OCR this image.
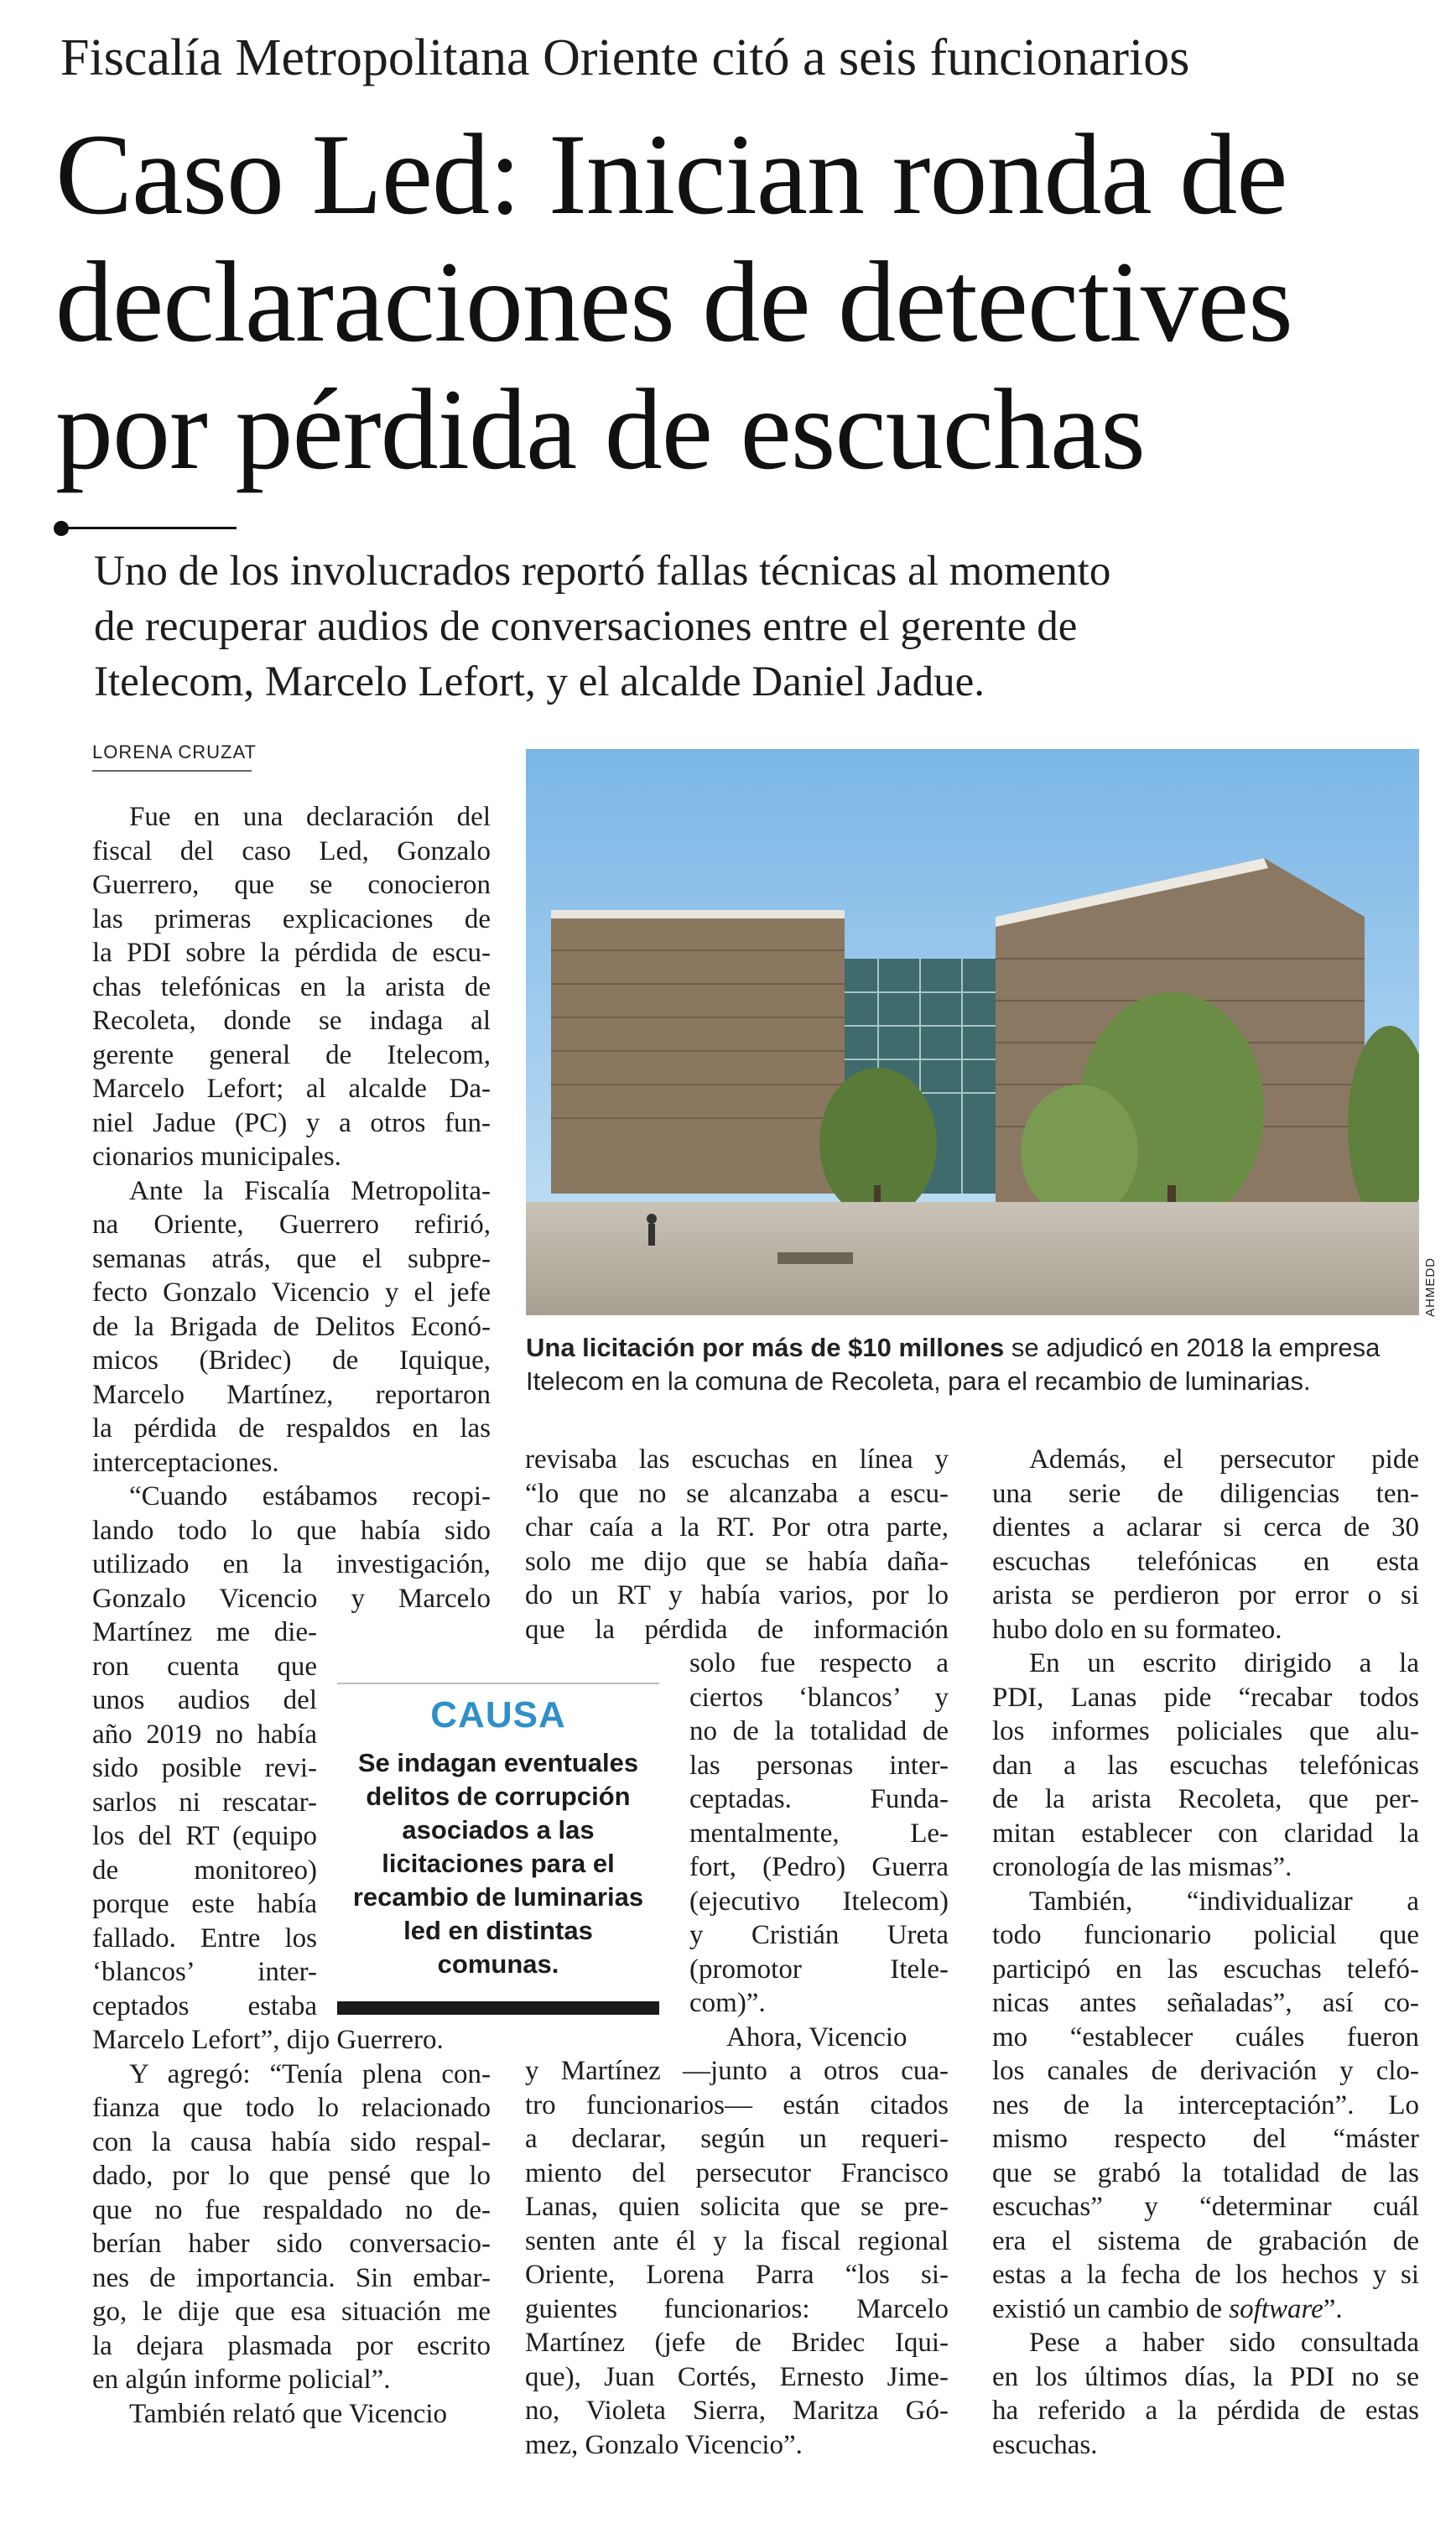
Fiscalía Metropolitana Oriente citó a seis funcionarios
Caso Led: Inician ronda de
declaraciones de detectives
por pérdida de escuchas
Uno de los involucrados reportó fallas técnicas al momento
de recuperar audios de conversaciones entre el gerente de
Itelecom, Marcelo Lefort, y el alcalde Daniel Jadue.
LORENA CRUZAT
AHMEDD
Una licitación por más de $10 millones se adjudicó en 2018 la empresa
Itelecom en la comuna de Recoleta, para el recambio de luminarias.
Fue en una declaración del
fiscal del caso Led, Gonzalo
Guerrero, que se conocieron
las primeras explicaciones de
la PDI sobre la pérdida de escu-
chas telefónicas en la arista de
Recoleta, donde se indaga al
gerente general de Itelecom,
Marcelo Lefort; al alcalde Da-
niel Jadue (PC) y a otros fun-
cionarios municipales.
Ante la Fiscalía Metropolita-
na Oriente, Guerrero refirió,
semanas atrás, que el subpre-
fecto Gonzalo Vicencio y el jefe
de la Brigada de Delitos Econó-
micos (Bridec) de Iquique,
Marcelo Martínez, reportaron
la pérdida de respaldos en las
interceptaciones.
“Cuando estábamos recopi-
lando todo lo que había sido
utilizado en la investigación,
Gonzalo Vicencio y Marcelo
Martínez me die-
ron cuenta que
unos audios del
año 2019 no había
sido posible revi-
sarlos ni rescatar-
los del RT (equipo
de monitoreo)
porque este había
fallado. Entre los
‘blancos’ inter-
ceptados estaba
Marcelo Lefort”, dijo Guerrero.
Y agregó: “Tenía plena con-
fianza que todo lo relacionado
con la causa había sido respal-
dado, por lo que pensé que lo
que no fue respaldado no de-
berían haber sido conversacio-
nes de importancia. Sin embar-
go, le dije que esa situación me
la dejara plasmada por escrito
en algún informe policial”.
También relató que Vicencio
revisaba las escuchas en línea y
“lo que no se alcanzaba a escu-
char caía a la RT. Por otra parte,
solo me dijo que se había daña-
do un RT y había varios, por lo
que la pérdida de información
solo fue respecto a
ciertos ‘blancos’ y
no de la totalidad de
las personas inter-
ceptadas. Funda-
mentalmente, Le-
fort, (Pedro) Guerra
(ejecutivo Itelecom)
y Cristián Ureta
(promotor Itele-
com)”.
Ahora, Vicencio
y Martínez —junto a otros cua-
tro funcionarios— están citados
a declarar, según un requeri-
miento del persecutor Francisco
Lanas, quien solicita que se pre-
senten ante él y la fiscal regional
Oriente, Lorena Parra “los si-
guientes funcionarios: Marcelo
Martínez (jefe de Bridec Iqui-
que), Juan Cortés, Ernesto Jime-
no, Violeta Sierra, Maritza Gó-
mez, Gonzalo Vicencio”.
Además, el persecutor pide
una serie de diligencias ten-
dientes a aclarar si cerca de 30
escuchas telefónicas en esta
arista se perdieron por error o si
hubo dolo en su formateo.
En un escrito dirigido a la
PDI, Lanas pide “recabar todos
los informes policiales que alu-
dan a las escuchas telefónicas
de la arista Recoleta, que per-
mitan establecer con claridad la
cronología de las mismas”.
También, “individualizar a
todo funcionario policial que
participó en las escuchas telefó-
nicas antes señaladas”, así co-
mo “establecer cuáles fueron
los canales de derivación y clo-
nes de la interceptación”. Lo
mismo respecto del “máster
que se grabó la totalidad de las
escuchas” y “determinar cuál
era el sistema de grabación de
estas a la fecha de los hechos y si
existió un cambio de software”.
Pese a haber sido consultada
en los últimos días, la PDI no se
ha referido a la pérdida de estas
escuchas.
CAUSA
Se indagan eventuales
delitos de corrupción
asociados a las
licitaciones para el
recambio de luminarias
led en distintas
comunas.
